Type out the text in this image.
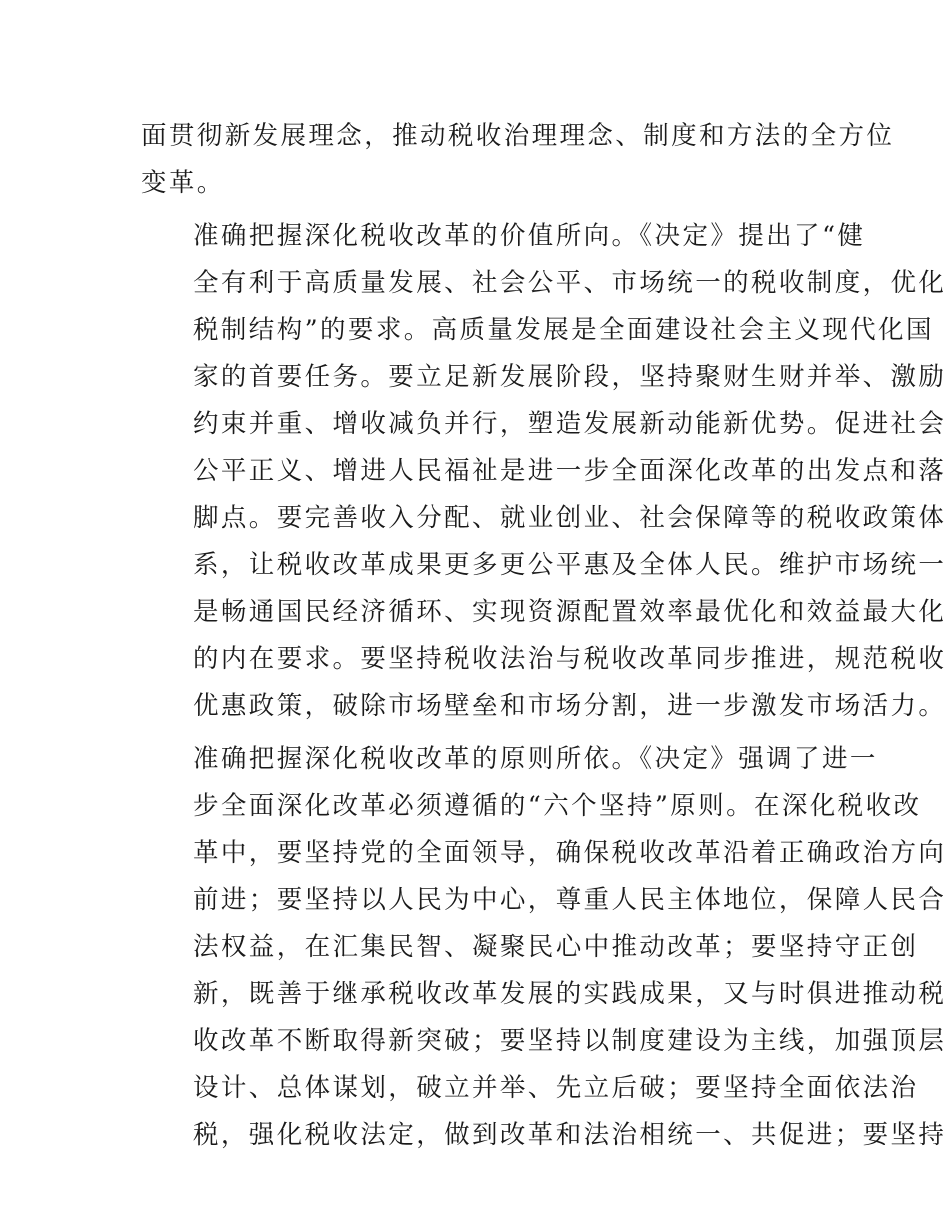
面贯彻新发展理念，推动税收治理理念、制度和方法的全方位
变革。

准确把握深化税收改革的价值所向。《决定》提出了“健
全有利于高质量发展、社会公平、市场统一的税收制度，优化
税制结构”的要求。高质量发展是全面建设社会主义现代化国
家的首要任务。要立足新发展阶段，坚持聚财生财并举、激励
约束并重、增收减负并行，塑造发展新动能新优势。促进社会
公平正义、增进人民福祉是进一步全面深化改革的出发点和落
脚点。要完善收入分配、就业创业、社会保障等的税收政策体
系，让税收改革成果更多更公平惠及全体人民。维护市场统一
是畅通国民经济循环、实现资源配置效率最优化和效益最大化
的内在要求。要坚持税收法治与税收改革同步推进，规范税收
优惠政策，破除市场壁垒和市场分割，进一步激发市场活力。

准确把握深化税收改革的原则所依。《决定》强调了进一
步全面深化改革必须遵循的“六个坚持”原则。在深化税收改
革中，要坚持党的全面领导，确保税收改革沿着正确政治方向
前进；要坚持以人民为中心，尊重人民主体地位，保障人民合
法权益，在汇集民智、凝聚民心中推动改革；要坚持守正创
新，既善于继承税收改革发展的实践成果，又与时俱进推动税
收改革不断取得新突破；要坚持以制度建设为主线，加强顶层
设计、总体谋划，破立并举、先立后破；要坚持全面依法治
税，强化税收法定，做到改革和法治相统一、共促进；要坚持
